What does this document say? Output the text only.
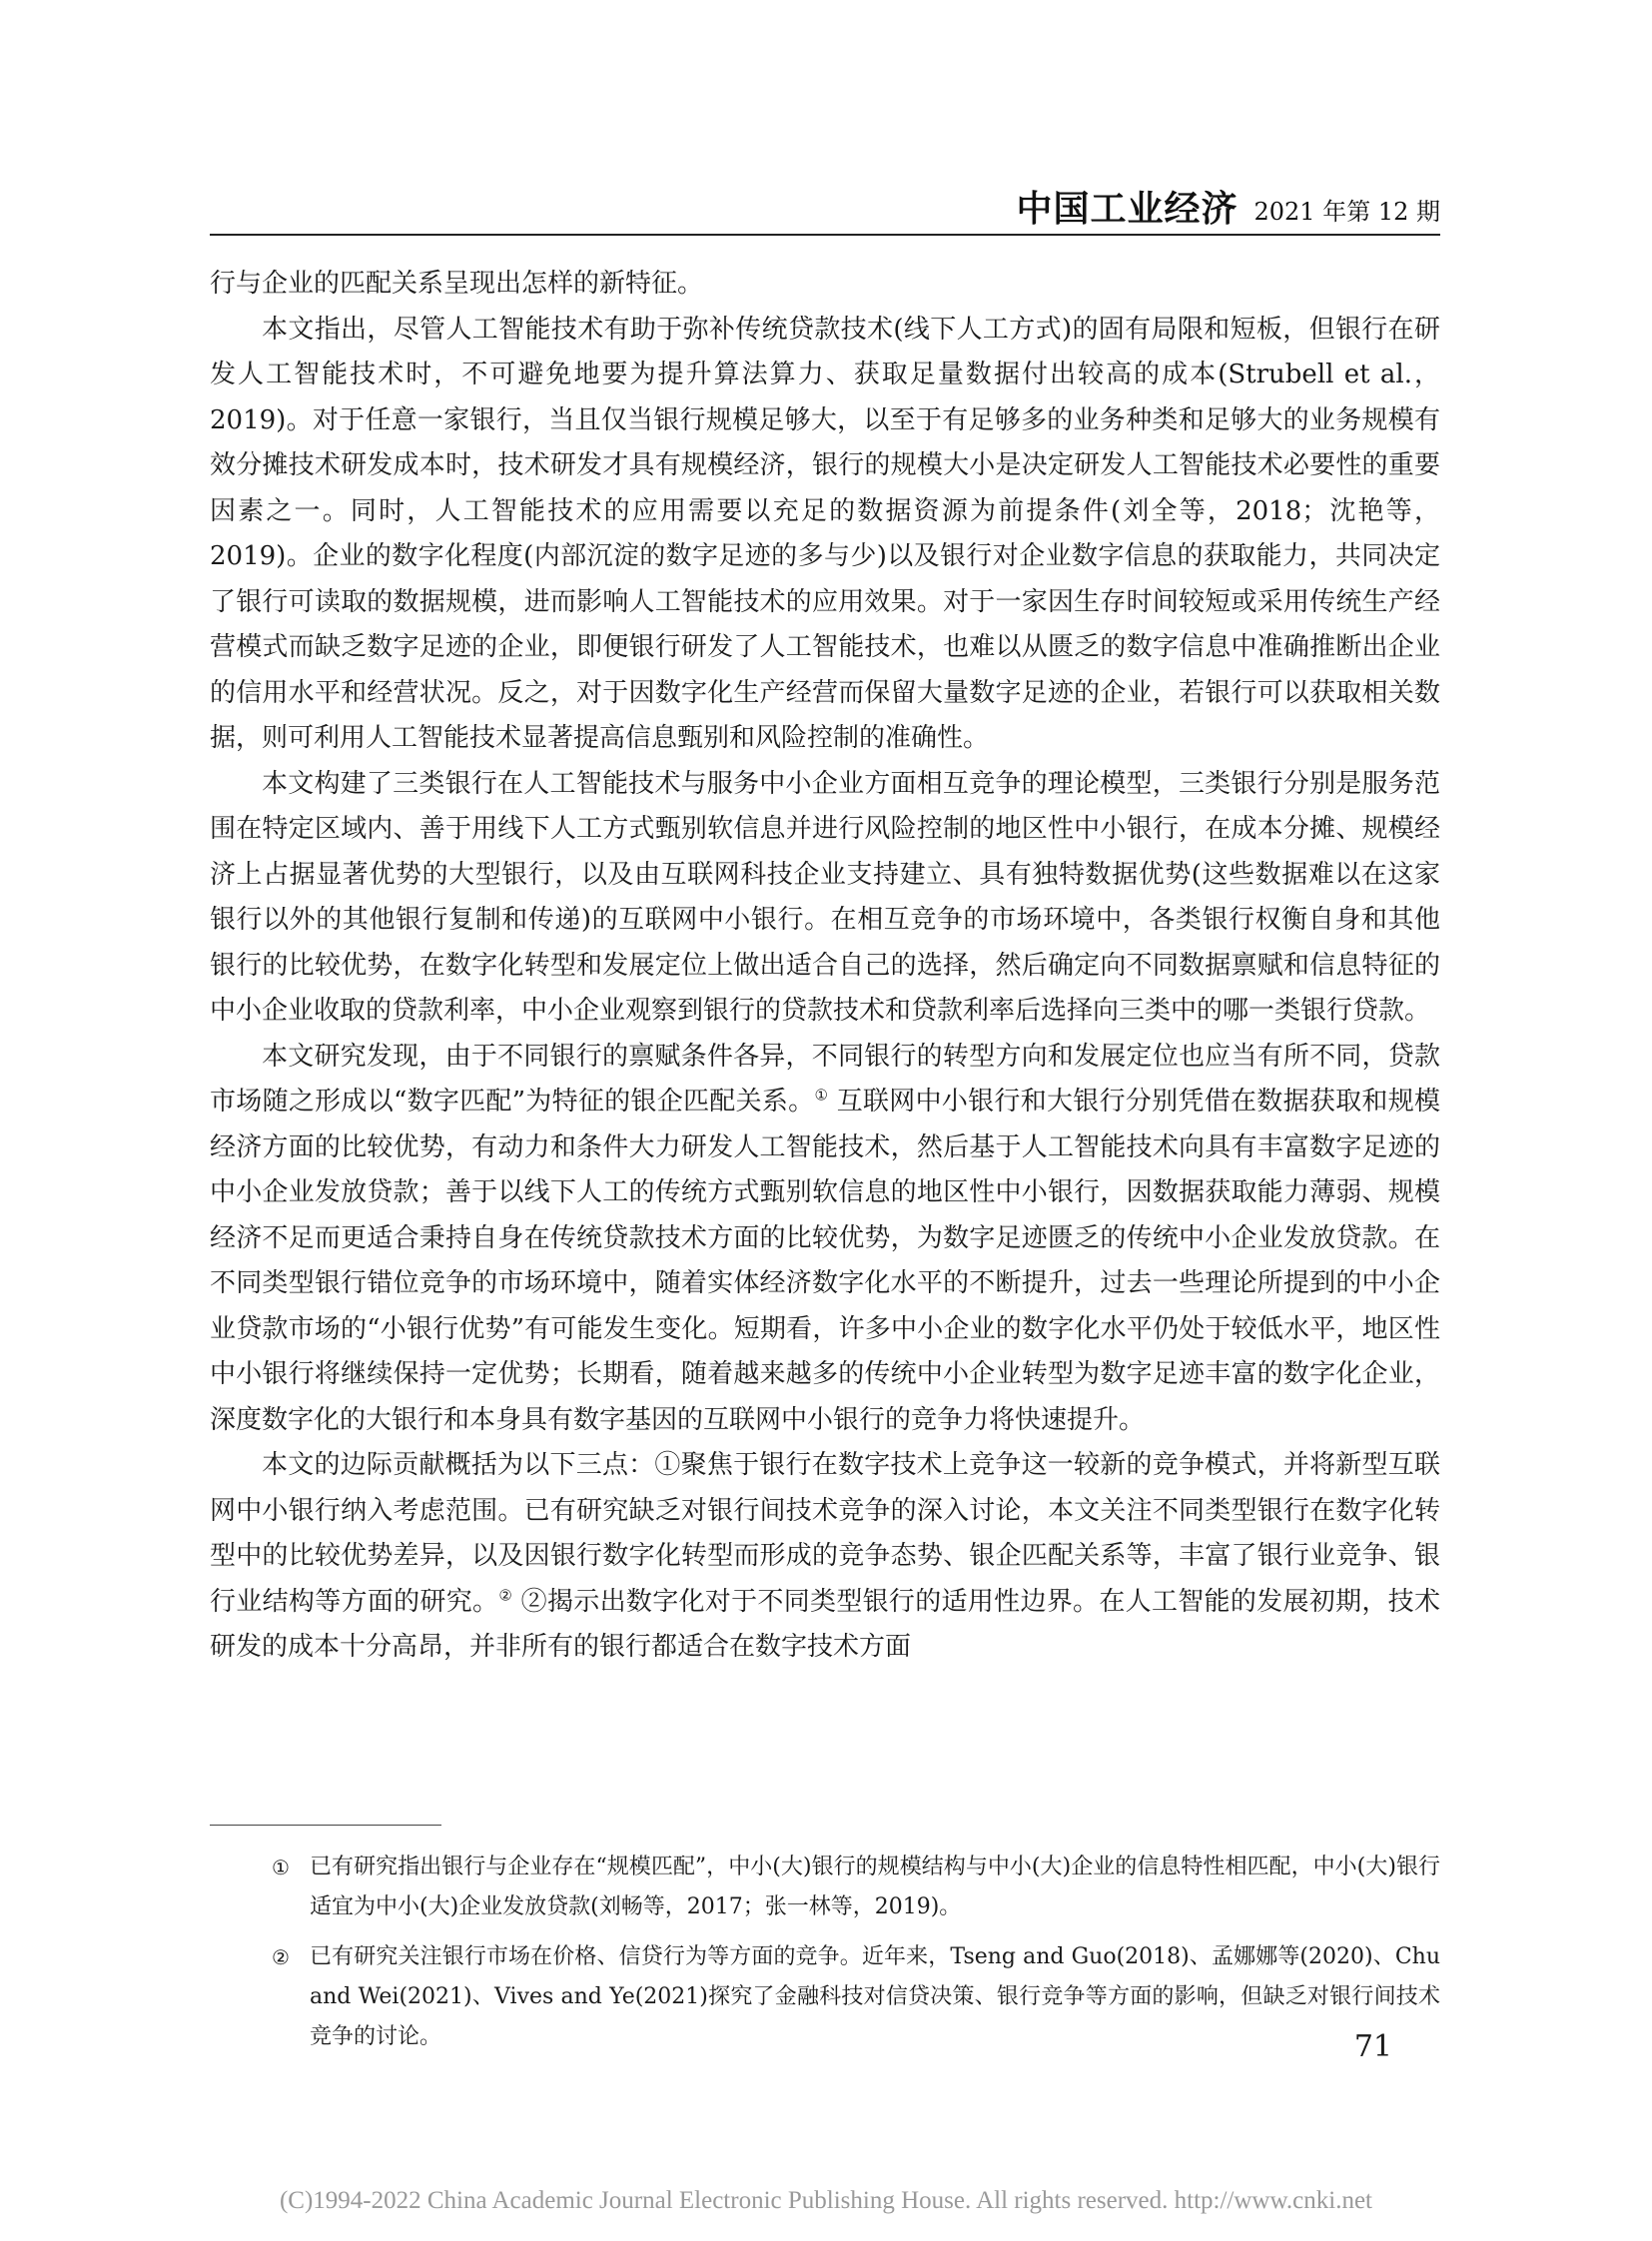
中国工业经济 2021 年第 12 期

行与企业的匹配关系呈现出怎样的新特征。

本文指出，尽管人工智能技术有助于弥补传统贷款技术(线下人工方式)的固有局限和短板，但银行在研发人工智能技术时，不可避免地要为提升算法算力、获取足量数据付出较高的成本(Strubell et al.，2019)。对于任意一家银行，当且仅当银行规模足够大，以至于有足够多的业务种类和足够大的业务规模有效分摊技术研发成本时，技术研发才具有规模经济，银行的规模大小是决定研发人工智能技术必要性的重要因素之一。同时，人工智能技术的应用需要以充足的数据资源为前提条件(刘全等，2018；沈艳等，2019)。企业的数字化程度(内部沉淀的数字足迹的多与少)以及银行对企业数字信息的获取能力，共同决定了银行可读取的数据规模，进而影响人工智能技术的应用效果。对于一家因生存时间较短或采用传统生产经营模式而缺乏数字足迹的企业，即便银行研发了人工智能技术，也难以从匮乏的数字信息中准确推断出企业的信用水平和经营状况。反之，对于因数字化生产经营而保留大量数字足迹的企业，若银行可以获取相关数据，则可利用人工智能技术显著提高信息甄别和风险控制的准确性。

本文构建了三类银行在人工智能技术与服务中小企业方面相互竞争的理论模型，三类银行分别是服务范围在特定区域内、善于用线下人工方式甄别软信息并进行风险控制的地区性中小银行，在成本分摊、规模经济上占据显著优势的大型银行，以及由互联网科技企业支持建立、具有独特数据优势(这些数据难以在这家银行以外的其他银行复制和传递)的互联网中小银行。在相互竞争的市场环境中，各类银行权衡自身和其他银行的比较优势，在数字化转型和发展定位上做出适合自己的选择，然后确定向不同数据禀赋和信息特征的中小企业收取的贷款利率，中小企业观察到银行的贷款技术和贷款利率后选择向三类中的哪一类银行贷款。

本文研究发现，由于不同银行的禀赋条件各异，不同银行的转型方向和发展定位也应当有所不同，贷款市场随之形成以“数字匹配”为特征的银企匹配关系。① 互联网中小银行和大银行分别凭借在数据获取和规模经济方面的比较优势，有动力和条件大力研发人工智能技术，然后基于人工智能技术向具有丰富数字足迹的中小企业发放贷款；善于以线下人工的传统方式甄别软信息的地区性中小银行，因数据获取能力薄弱、规模经济不足而更适合秉持自身在传统贷款技术方面的比较优势，为数字足迹匮乏的传统中小企业发放贷款。在不同类型银行错位竞争的市场环境中，随着实体经济数字化水平的不断提升，过去一些理论所提到的中小企业贷款市场的“小银行优势”有可能发生变化。短期看，许多中小企业的数字化水平仍处于较低水平，地区性中小银行将继续保持一定优势；长期看，随着越来越多的传统中小企业转型为数字足迹丰富的数字化企业，深度数字化的大银行和本身具有数字基因的互联网中小银行的竞争力将快速提升。

本文的边际贡献概括为以下三点：①聚焦于银行在数字技术上竞争这一较新的竞争模式，并将新型互联网中小银行纳入考虑范围。已有研究缺乏对银行间技术竞争的深入讨论，本文关注不同类型银行在数字化转型中的比较优势差异，以及因银行数字化转型而形成的竞争态势、银企匹配关系等，丰富了银行业竞争、银行业结构等方面的研究。② ②揭示出数字化对于不同类型银行的适用性边界。在人工智能的发展初期，技术研发的成本十分高昂，并非所有的银行都适合在数字技术方面

① 已有研究指出银行与企业存在“规模匹配”，中小(大)银行的规模结构与中小(大)企业的信息特性相匹配，中小(大)银行适宜为中小(大)企业发放贷款(刘畅等，2017；张一林等，2019)。
② 已有研究关注银行市场在价格、信贷行为等方面的竞争。近年来，Tseng and Guo(2018)、孟娜娜等(2020)、Chu and Wei(2021)、Vives and Ye(2021)探究了金融科技对信贷决策、银行竞争等方面的影响，但缺乏对银行间技术竞争的讨论。	71
(C)1994-2022 China Academic Journal Electronic Publishing House. All rights reserved. http://www.cnki.net
